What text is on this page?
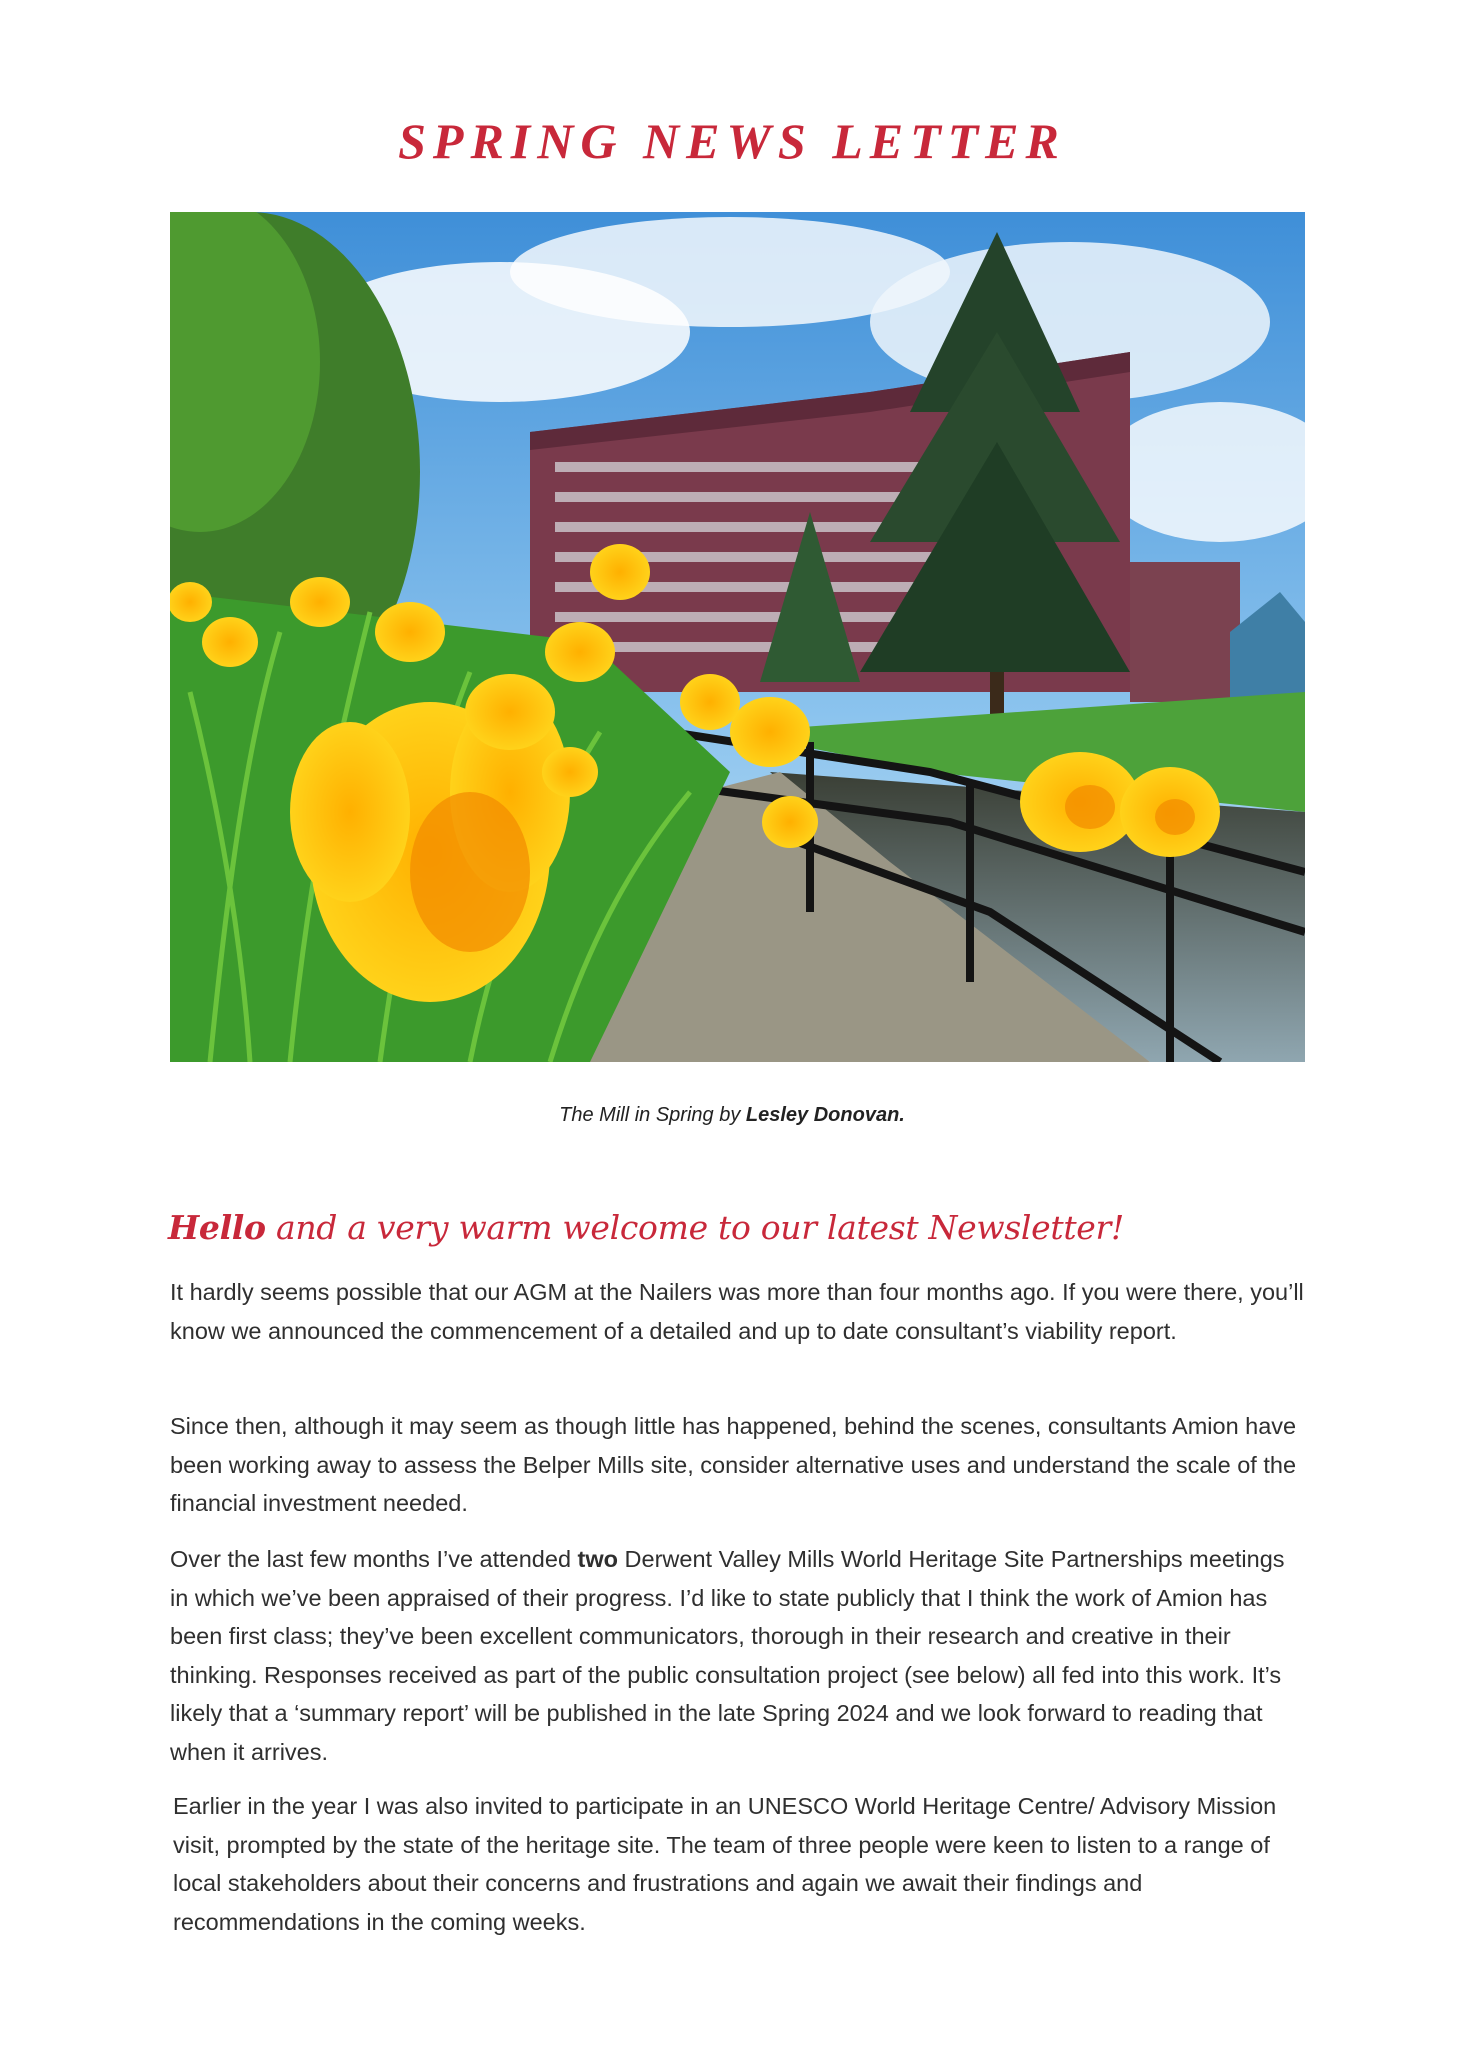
SPRING NEWS LETTER
The Mill in Spring by Lesley Donovan.
Hello and a very warm welcome to our latest Newsletter!

It hardly seems possible that our AGM at the Nailers was more than four months ago. If you were there, you’ll know we announced the commencement of a detailed and up to date consultant’s viability report.

Since then, although it may seem as though little has happened, behind the scenes, consultants Amion have been working away to assess the Belper Mills site, consider alternative uses and understand the scale of the financial investment needed.

Over the last few months I’ve attended two Derwent Valley Mills World Heritage Site Partnerships meetings in which we’ve been appraised of their progress. I’d like to state publicly that I think the work of Amion has been first class; they’ve been excellent communicators, thorough in their research and creative in their thinking. Responses received as part of the public consultation project (see below) all fed into this work. It’s likely that a ‘summary report’ will be published in the late Spring 2024 and we look forward to reading that when it arrives.

Earlier in the year I was also invited to participate in an UNESCO World Heritage Centre/ Advisory Mission visit, prompted by the state of the heritage site. The team of three people were keen to listen to a range of local stakeholders about their concerns and frustrations and again we await their findings and recommendations in the coming weeks.
